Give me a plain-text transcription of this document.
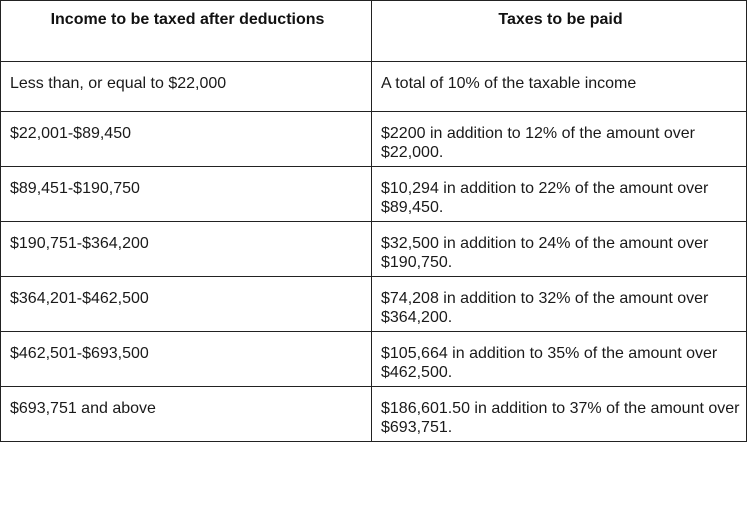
Income to be taxed after deductions	Taxes to be paid
Less than, or equal to $22,000	A total of 10% of the taxable income
$22,001-$89,450	$2200 in addition to 12% of the amount over $22,000.
$89,451-$190,750	$10,294 in addition to 22% of the amount over $89,450.
$190,751-$364,200	$32,500 in addition to 24% of the amount over $190,750.
$364,201-$462,500	$74,208 in addition to 32% of the amount over $364,200.
$462,501-$693,500	$105,664 in addition to 35% of the amount over $462,500.
$693,751 and above	$186,601.50 in addition to 37% of the amount over $693,751.
